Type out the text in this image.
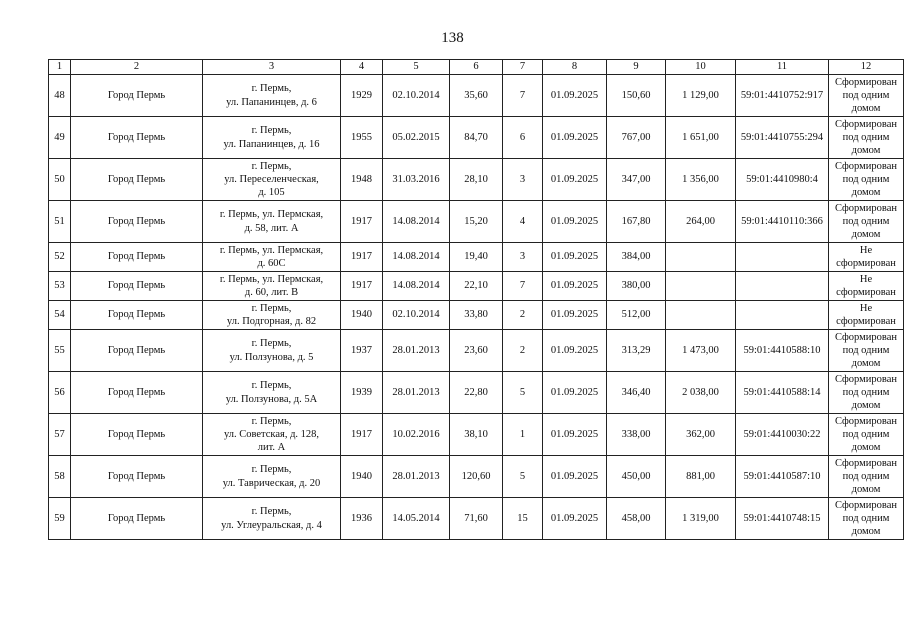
138
1	2	3	4	5	6	7	8	9	10	11	12
48	Город Пермь	г. Пермь,
ул. Папанинцев, д. 6	1929	02.10.2014	35,60	7	01.09.2025	150,60	1 129,00	59:01:4410752:917	Сформирован
под одним
домом
49	Город Пермь	г. Пермь,
ул. Папанинцев, д. 16	1955	05.02.2015	84,70	6	01.09.2025	767,00	1 651,00	59:01:4410755:294	Сформирован
под одним
домом
50	Город Пермь	г. Пермь,
ул. Переселенческая,
д. 105	1948	31.03.2016	28,10	3	01.09.2025	347,00	1 356,00	59:01:4410980:4	Сформирован
под одним
домом
51	Город Пермь	г. Пермь, ул. Пермская,
д. 58, лит. А	1917	14.08.2014	15,20	4	01.09.2025	167,80	264,00	59:01:4410110:366	Сформирован
под одним
домом
52	Город Пермь	г. Пермь, ул. Пермская,
д. 60С	1917	14.08.2014	19,40	3	01.09.2025	384,00			Не
сформирован
53	Город Пермь	г. Пермь, ул. Пермская,
д. 60, лит. В	1917	14.08.2014	22,10	7	01.09.2025	380,00			Не
сформирован
54	Город Пермь	г. Пермь,
ул. Подгорная, д. 82	1940	02.10.2014	33,80	2	01.09.2025	512,00			Не
сформирован
55	Город Пермь	г. Пермь,
ул. Ползунова, д. 5	1937	28.01.2013	23,60	2	01.09.2025	313,29	1 473,00	59:01:4410588:10	Сформирован
под одним
домом
56	Город Пермь	г. Пермь,
ул. Ползунова, д. 5А	1939	28.01.2013	22,80	5	01.09.2025	346,40	2 038,00	59:01:4410588:14	Сформирован
под одним
домом
57	Город Пермь	г. Пермь,
ул. Советская, д. 128,
лит. А	1917	10.02.2016	38,10	1	01.09.2025	338,00	362,00	59:01:4410030:22	Сформирован
под одним
домом
58	Город Пермь	г. Пермь,
ул. Таврическая, д. 20	1940	28.01.2013	120,60	5	01.09.2025	450,00	881,00	59:01:4410587:10	Сформирован
под одним
домом
59	Город Пермь	г. Пермь,
ул. Углеуральская, д. 4	1936	14.05.2014	71,60	15	01.09.2025	458,00	1 319,00	59:01:4410748:15	Сформирован
под одним
домом
